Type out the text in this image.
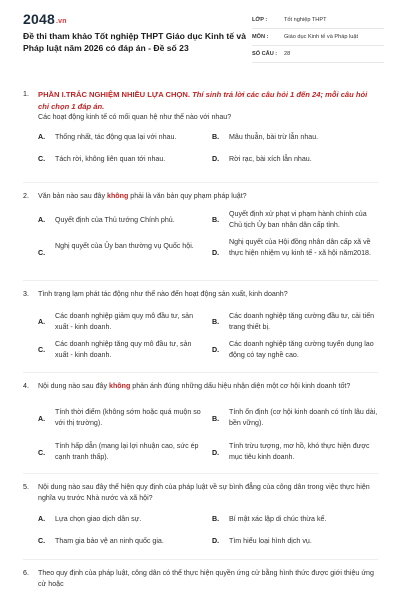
2048.vn
Đề thi tham khảo Tốt nghiệp THPT Giáo dục Kinh tế và Pháp luật năm 2026 có đáp án - Đề số 23
LỚP :	Tốt nghiệp THPT
MÔN :	Giáo dục Kinh tế và Pháp luật
SỐ CÂU :	28
1. PHẦN I.TRẮC NGHIỆM NHIỀU LỰA CHỌN. Thí sinh trả lời các câu hỏi 1 đến 24; mỗi câu hỏi chỉ chọn 1 đáp án.
Các hoạt động kinh tế có mối quan hệ như thế nào với nhau?
A. Thống nhất, tác động qua lại với nhau.	B. Mâu thuẫn, bài trừ lẫn nhau.
C. Tách rời, không liên quan tới nhau.	D. Rời rạc, bài xích lẫn nhau.
2. Văn bản nào sau đây không phải là văn bản quy phạm pháp luật?
A. Quyết định của Thủ tướng Chính phủ.	B.
Quyết định xử phạt vi phạm hành chính của Chủ tịch Ủy ban nhân dân cấp tỉnh.
C.
Nghị quyết của Ủy ban thường vụ Quốc hội.
D.
Nghị quyết của Hội đồng nhân dân cấp xã về thực hiện nhiệm vụ kinh tế - xã hội năm2018.
3. Tình trạng lạm phát tác động như thế nào đến hoạt động sản xuất, kinh doanh?
A.
Các doanh nghiệp giảm quy mô đầu tư, sản xuất - kinh doanh.
B.
Các doanh nghiệp tăng cường đầu tư, cải tiến trang thiết bị.
C.
Các doanh nghiệp tăng quy mô đầu tư, sản xuất - kinh doanh.
D.
Các doanh nghiệp tăng cường tuyển dụng lao động có tay nghề cao.
4. Nội dung nào sau đây không phản ánh đúng những dấu hiệu nhận diện một cơ hội kinh doanh tốt?
A.
Tính thời điểm (không sớm hoặc quá muộn so với thị trường).	B.
Tính ổn định (cơ hội kinh doanh có tính lâu dài, bền vững).
C.
Tính hấp dẫn (mang lại lợi nhuận cao, sức ép cạnh tranh thấp).	D.
Tính trừu tượng, mơ hồ, khó thực hiện được mục tiêu kinh doanh.
5. Nội dung nào sau đây thể hiện quy định của pháp luật về sự bình đẳng của công dân trong việc thực hiện nghĩa vụ trước Nhà nước và xã hội?
A. Lựa chọn giao dịch dân sự.	B. Bí mật xác lập di chúc thừa kế.
C. Tham gia bảo vệ an ninh quốc gia.	D. Tìm hiểu loại hình dịch vụ.
6. Theo quy định của pháp luật, công dân có thể thực hiện quyền ứng cử bằng hình thức được giới thiệu ứng cử hoặc
